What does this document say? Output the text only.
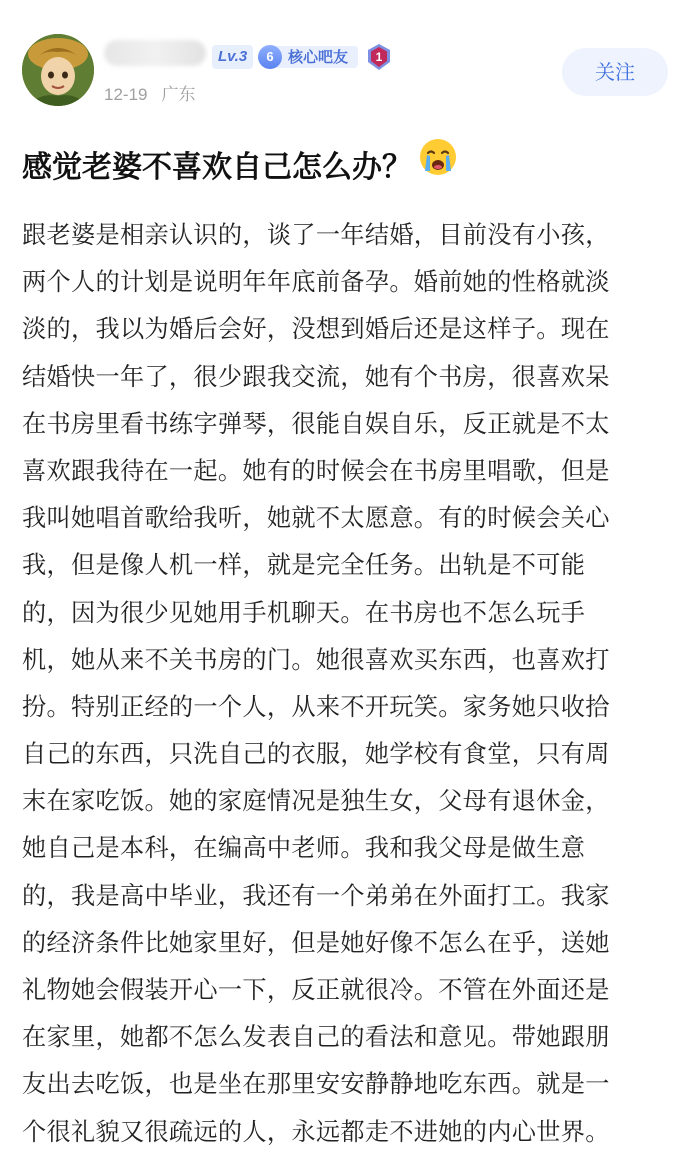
Lv.3	6 核心吧友	1
12-19 广东
关注
感觉老婆不喜欢自己怎么办？
跟老婆是相亲认识的，谈了一年结婚，目前没有小孩，
两个人的计划是说明年年底前备孕。婚前她的性格就淡
淡的，我以为婚后会好，没想到婚后还是这样子。现在
结婚快一年了，很少跟我交流，她有个书房，很喜欢呆
在书房里看书练字弹琴，很能自娱自乐，反正就是不太
喜欢跟我待在一起。她有的时候会在书房里唱歌，但是
我叫她唱首歌给我听，她就不太愿意。有的时候会关心
我，但是像人机一样，就是完全任务。出轨是不可能
的，因为很少见她用手机聊天。在书房也不怎么玩手
机，她从来不关书房的门。她很喜欢买东西，也喜欢打
扮。特别正经的一个人，从来不开玩笑。家务她只收拾
自己的东西，只洗自己的衣服，她学校有食堂，只有周
末在家吃饭。她的家庭情况是独生女，父母有退休金，
她自己是本科，在编高中老师。我和我父母是做生意
的，我是高中毕业，我还有一个弟弟在外面打工。我家
的经济条件比她家里好，但是她好像不怎么在乎，送她
礼物她会假装开心一下，反正就很冷。不管在外面还是
在家里，她都不怎么发表自己的看法和意见。带她跟朋
友出去吃饭，也是坐在那里安安静静地吃东西。就是一
个很礼貌又很疏远的人，永远都走不进她的内心世界。
